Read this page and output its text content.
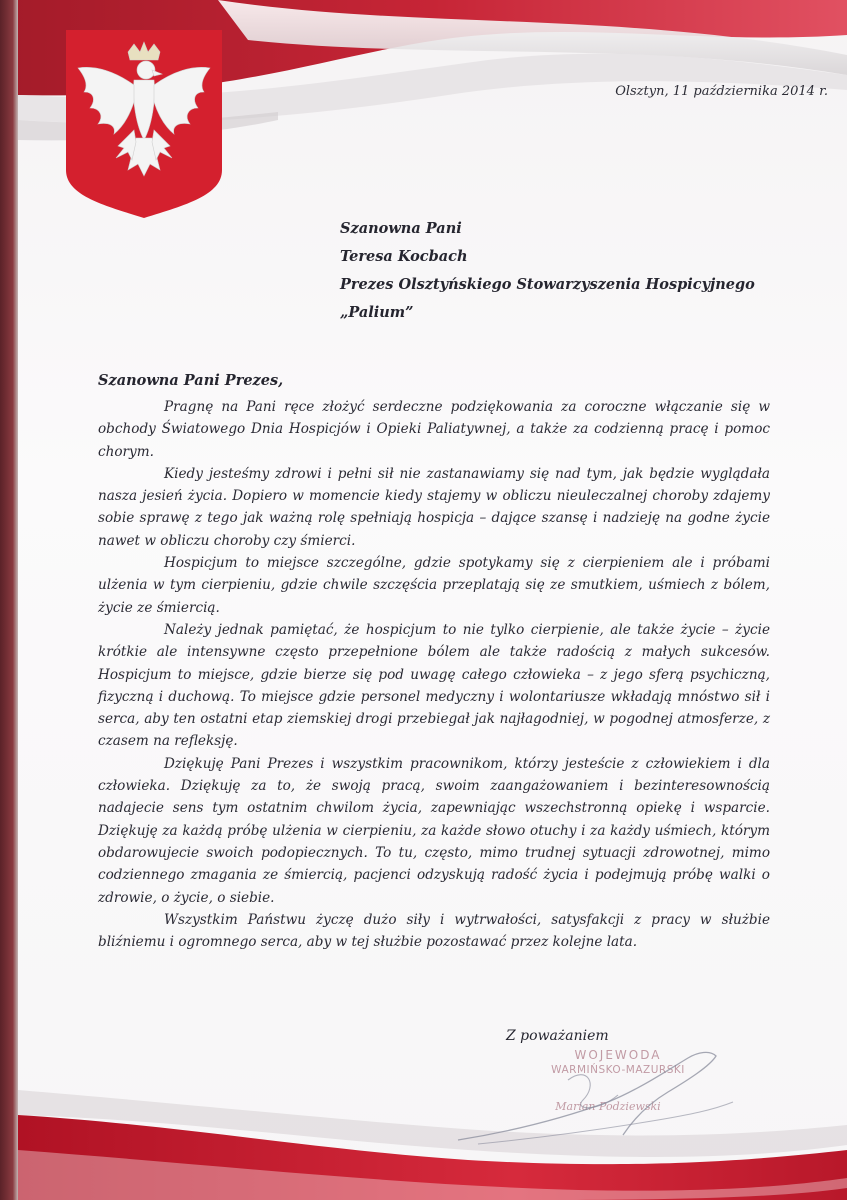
Olsztyn, 11 października 2014 r.
Szanowna Pani
Teresa Kocbach
Prezes Olsztyńskiego Stowarzyszenia Hospicyjnego
„Palium”
Szanowna Pani Prezes,

Pragnę na Pani ręce złożyć serdeczne podziękowania za coroczne włączanie się w obchody Światowego Dnia Hospicjów i Opieki Paliatywnej, a także za codzienną pracę i pomoc chorym.

Kiedy jesteśmy zdrowi i pełni sił nie zastanawiamy się nad tym, jak będzie wyglądała nasza jesień życia. Dopiero w momencie kiedy stajemy w obliczu nieuleczalnej choroby zdajemy sobie sprawę z tego jak ważną rolę spełniają hospicja – dające szansę i nadzieję na godne życie nawet w obliczu choroby czy śmierci.

Hospicjum to miejsce szczególne, gdzie spotykamy się z cierpieniem ale i próbami ulżenia w tym cierpieniu, gdzie chwile szczęścia przeplatają się ze smutkiem, uśmiech z bólem, życie ze śmiercią.

Należy jednak pamiętać, że hospicjum to nie tylko cierpienie, ale także życie – życie krótkie ale intensywne często przepełnione bólem ale także radością z małych sukcesów. Hospicjum to miejsce, gdzie bierze się pod uwagę całego człowieka – z jego sferą psychiczną, fizyczną i duchową. To miejsce gdzie personel medyczny i wolontariusze wkładają mnóstwo sił i serca, aby ten ostatni etap ziemskiej drogi przebiegał jak najłagodniej, w pogodnej atmosferze, z czasem na refleksję.

Dziękuję Pani Prezes i wszystkim pracownikom, którzy jesteście z człowiekiem i dla człowieka. Dziękuję za to, że swoją pracą, swoim zaangażowaniem i bezinteresownością nadajecie sens tym ostatnim chwilom życia, zapewniając wszechstronną opiekę i wsparcie. Dziękuję za każdą próbę ulżenia w cierpieniu, za każde słowo otuchy i za każdy uśmiech, którym obdarowujecie swoich podopiecznych. To tu, często, mimo trudnej sytuacji zdrowotnej, mimo codziennego zmagania ze śmiercią, pacjenci odzyskują radość życia i podejmują próbę walki o zdrowie, o życie, o siebie.

Wszystkim Państwu życzę dużo siły i wytrwałości, satysfakcji z pracy w służbie bliźniemu i ogromnego serca, aby w tej służbie pozostawać przez kolejne lata.

Z poważaniem
WOJEWODA
WARMIŃSKO-MAZURSKI
Marian Podziewski
